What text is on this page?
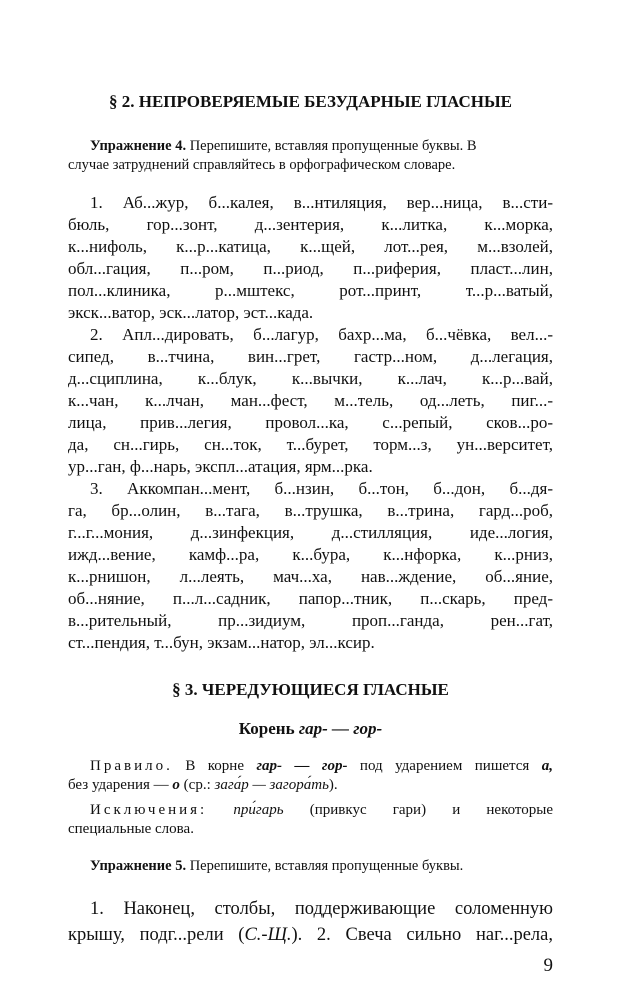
§ 2. НЕПРОВЕРЯЕМЫЕ БЕЗУДАРНЫЕ ГЛАСНЫЕ
Упражнение 4. Перепишите, вставляя пропущенные буквы. В
случае затруднений справляйтесь в орфографическом словаре.
1. Аб...жур, б...калея, в...нтиляция, вер...ница, в...сти-
бюль, гор...зонт, д...зентерия, к...литка, к...морка,
к...нифоль, к...р...катица, к...щей, лот...рея, м...взолей,
обл...гация, п...ром, п...риод, п...риферия, пласт...лин,
пол...клиника, р...мштекс, рот...принт, т...р...ватый,
экск...ватор, эск...латор, эст...када.
2. Апл...дировать, б...лагур, бахр...ма, б...чёвка, вел...-
сипед, в...тчина, вин...грет, гастр...ном, д...легация,
д...сциплина, к...блук, к...вычки, к...лач, к...р...вай,
к...чан, к...лчан, ман...фест, м...тель, од...леть, пиг...-
лица, прив...легия, провол...ка, с...репый, сков...ро-
да, сн...гирь, сн...ток, т...бурет, торм...з, ун...верситет,
ур...ган, ф...нарь, экспл...атация, ярм...рка.
3. Аккомпан...мент, б...нзин, б...тон, б...дон, б...дя-
га, бр...олин, в...тага, в...трушка, в...трина, гард...роб,
г...г...мония, д...зинфекция, д...стилляция, иде...логия,
ижд...вение, камф...ра, к...бура, к...нфорка, к...рниз,
к...рнишон, л...леять, мач...ха, нав...ждение, об...яние,
об...няние, п...л...садник, папор...тник, п...скарь, пред-
в...рительный, пр...зидиум, проп...ганда, рен...гат,
ст...пендия, т...бун, экзам...натор, эл...ксир.
§ 3. ЧЕРЕДУЮЩИЕСЯ ГЛАСНЫЕ
Корень гар- — гор-
Правило. В корне гар- — гор- под ударением пишется а,
без ударения — о (ср.: зага́р — загора́ть).
Исключения: при́гарь (привкус гари) и некоторые
специальные слова.
Упражнение 5. Перепишите, вставляя пропущенные буквы.
1. Наконец, столбы, поддерживающие соломенную
крышу, подг...рели (С.-Щ.). 2. Свеча сильно наг...рела,
9
